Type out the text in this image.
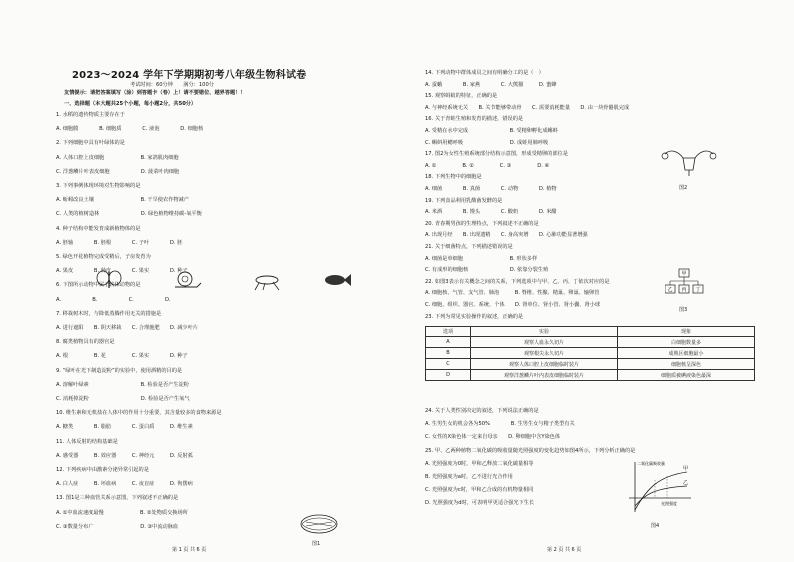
2023～2024 学年下学期期初考八年级生物科试卷
考试时间：60分钟　　满分：100分
友情提示：请把答案填写（涂）到答题卡（卷）上！请不要错位、越界答题！！
一、选择题（本大题共25个小题，每小题2分，共50分）
1. 水稻的遗传物质主要存在于
A. 细胞膜　　　　B. 细胞质　　　　C. 液泡　　　　D. 细胞核
2. 下列细胞中具有叶绿体的是
A. 人体口腔上皮细胞　　　　　　　B. 家鸽肌肉细胞
C. 洋葱鳞片叶表皮细胞　　　　　　D. 菠菜叶肉细胞
3. 下列事例体现环境对生物影响的是
A. 蚯蚓改良土壤　　　　　　　　　B. 干旱使农作物减产
C. 人类的植树造林　　　　　　　　D. 绿色植物维持碳-氧平衡
4. 种子结构中能发育成新植物体的是
A. 胚轴　　　　B. 胚根　　　　C. 子叶　　　　D. 胚
5. 绿色开花植物完成受精后，子房发育为
A. 果皮　　　　B. 种皮　　　　C. 果实　　　　D. 种子
6. 下图所示动物中属于软体动物的是
A.　　　　　　B.　　　　　　C.　　　　　　D.
7. 移栽树木时，与降低蒸腾作用无关的措施是
A. 进行遮阳　　B. 阴天移栽　　C. 合理施肥　　D. 减少叶片
8. 腐类植物具有的器官是
A. 根　　　　　B. 花　　　　　C. 果实　　　　D. 种子
9. “绿叶在光下制造淀粉”的实验中，使用酒精的目的是
A. 溶解叶绿素　　　　　　　　　　B. 检验是否产生淀粉
C. 消耗掉淀粉　　　　　　　　　　D. 检验是否产生氧气
10. 维生素和无机盐在人体中的作用十分重要，其含量较多的食物来源是
A. 糖类　　　　B. 脂肪　　　　C. 蛋白质　　　D. 维生素
11. 人体反射的结构基础是
A. 感受器　　　B. 效应器　　　C. 神经元　　　D. 反射弧
12. 下列疾病中由激素分泌异常引起的是
A. 白人症　　　B. 坏血病　　　C. 夜盲症　　　D. 佝偻病
13. 图1是三种血管关系示意图，下列叙述不正确的是
A. ①中血流速度最慢　　　　　　　B. ②处物质交换场所
C. ③数量分布广　　　　　　　　　D. ③中流动脉血
图1
第 1 页 共 6 页
14. 下列动物中群体成员之间有明确分工的是（　）
A. 蚕蛾　　　　B. 家燕　　　　C. 大熊猫　　　D. 蜜蜂
15. 观察蚂蚁的特征，正确的是
A. 与神经系统无关　　B. 关节能够带动骨　　C. 需要消耗能量　　D. 由一块骨骼肌完成
16. 关于青蛙生殖和发育的描述，错误的是
A. 受精在水中完成　　　　　　　　B. 受精卵孵化成蝌蚪
C. 蝌蚪用鳃呼吸　　　　　　　　　D. 成蛙用肺呼吸
17. 图2为女性生殖系统部分结构示意图，形成受精卵的部位是
A. ①　　　　　B. ②　　　　　C. ③　　　　　D. ④
18. 下列生物中的细胞是
A. 细菌　　　　B. 真菌　　　　C. 动物　　　　D. 植物
19. 下列食品利用乳酸菌发酵的是
A. 米酒　　　　B. 馒头　　　　C. 酸奶　　　　D. 米醋
20. 青春期男孩的生理特点，下列叙述不正确的是
A. 出现月经　　B. 出现遗精　　C. 身高突增　　D. 心肺功能显著增强
21. 关于细菌特点，下列描述错误的是
A. 细菌是单细胞　　　　　　　　　B. 形状多样　　　　
C. 有成形的细胞核　　　　　　　　D. 依靠分裂生殖
22. 如图3表示有关概念之间的关系，下列选项中与甲、乙、丙、丁依次对应的是
A. 细胞核、气管、支气管、肺泡　　　B. 脊椎、性腺、精巢、卵巢、输卵管
C. 细胞、组织、器官、系统、个体　　D. 肾单位、肾小管、肾小囊、肾小球
23. 下列为常见实验操作的叙述，正确的是
图2
甲
乙 丙 丁
图3
选项	实验	现象
A	观察人血永久切片	白细胞数量多
B	观察根尖永久切片	成熟区细胞最小
C	观察人体口腔上皮细胞临时装片	细胞核呈深色
D	观察洋葱鳞片叶内表皮细胞临时装片	细胞质被碘液染色最深
24. 关于人类性别决定的叙述，下列说法正确的是
A. 生男生女的机会各为50%　　　　B. 生男生女与精子类型有关
C. 女性的X染色体一定来自母亲　　D. 卵细胞中含Y染色体
25. 甲、乙两种植物二氧化碳的吸收量随光照强度的变化趋势如图4所示，下列分析正确的是
A. 光照强度为0时，甲和乙释放二氧化碳量相等
B. 光照强度为a时，乙不进行光合作用
C. 光照强度为c时，甲和乙合成的有机物量相同
D. 光照强度为d时，可表明甲更适合强光下生长
甲
乙
二氧化碳吸收量
光照强度
图4
第 2 页 共 6 页
